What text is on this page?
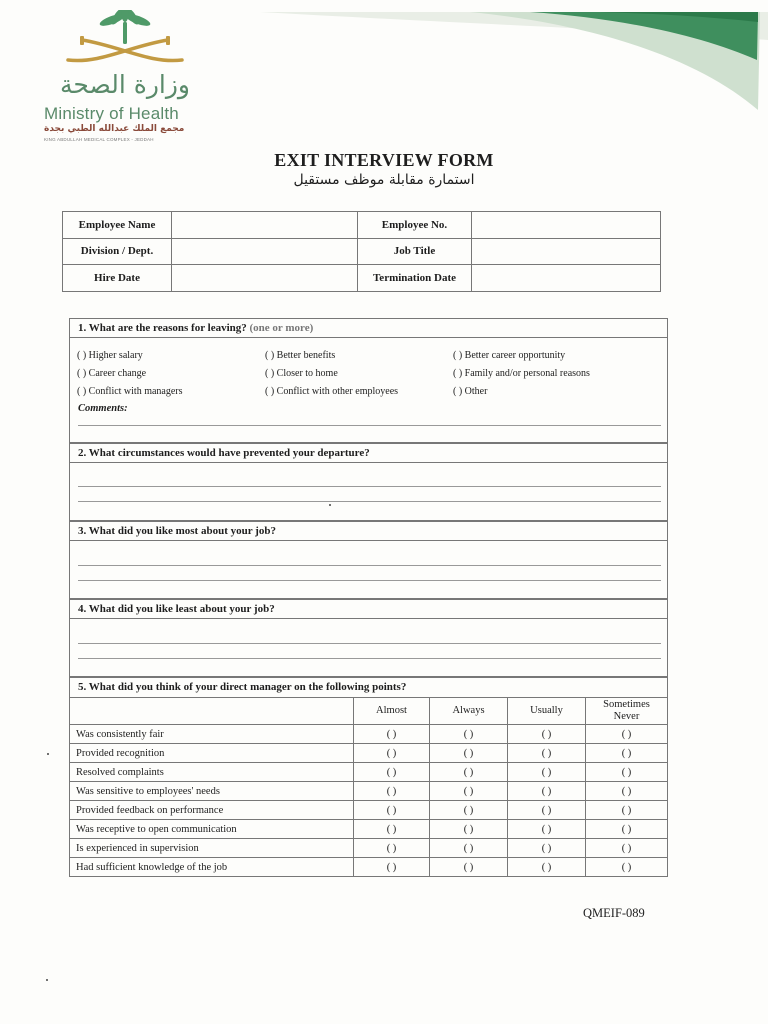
وزارة الصحة
Ministry of Health
مجمع الملك عبدالله الطبي بجدة
KING ABDULLAH MEDICAL COMPLEX - JEDDAH
EXIT INTERVIEW FORM
استمارة مقابلة موظف مستقيل
Employee Name		Employee No.	
Division / Dept.		Job Title	
Hire Date		Termination Date	
1. What are the reasons for leaving? (one or more)
( ) Higher salary	( ) Better benefits	( ) Better career opportunity
( ) Career change	( ) Closer to home	( ) Family and/or personal reasons
( ) Conflict with managers	( ) Conflict with other employees	( ) Other
Comments:
2. What circumstances would have prevented your departure?
3. What did you like most about your job?
4. What did you like least about your job?
5. What did you think of your direct manager on the following points?
	Almost	Always	Usually	Sometimes
Never

Was consistently fair	( )	( )	( )	( )
Provided recognition	( )	( )	( )	( )
Resolved complaints	( )	( )	( )	( )
Was sensitive to employees' needs	( )	( )	( )	( )
Provided feedback on performance	( )	( )	( )	( )
Was receptive to open communication	( )	( )	( )	( )
Is experienced in supervision	( )	( )	( )	( )
Had sufficient knowledge of the job	( )	( )	( )	( )
QMEIF-089
